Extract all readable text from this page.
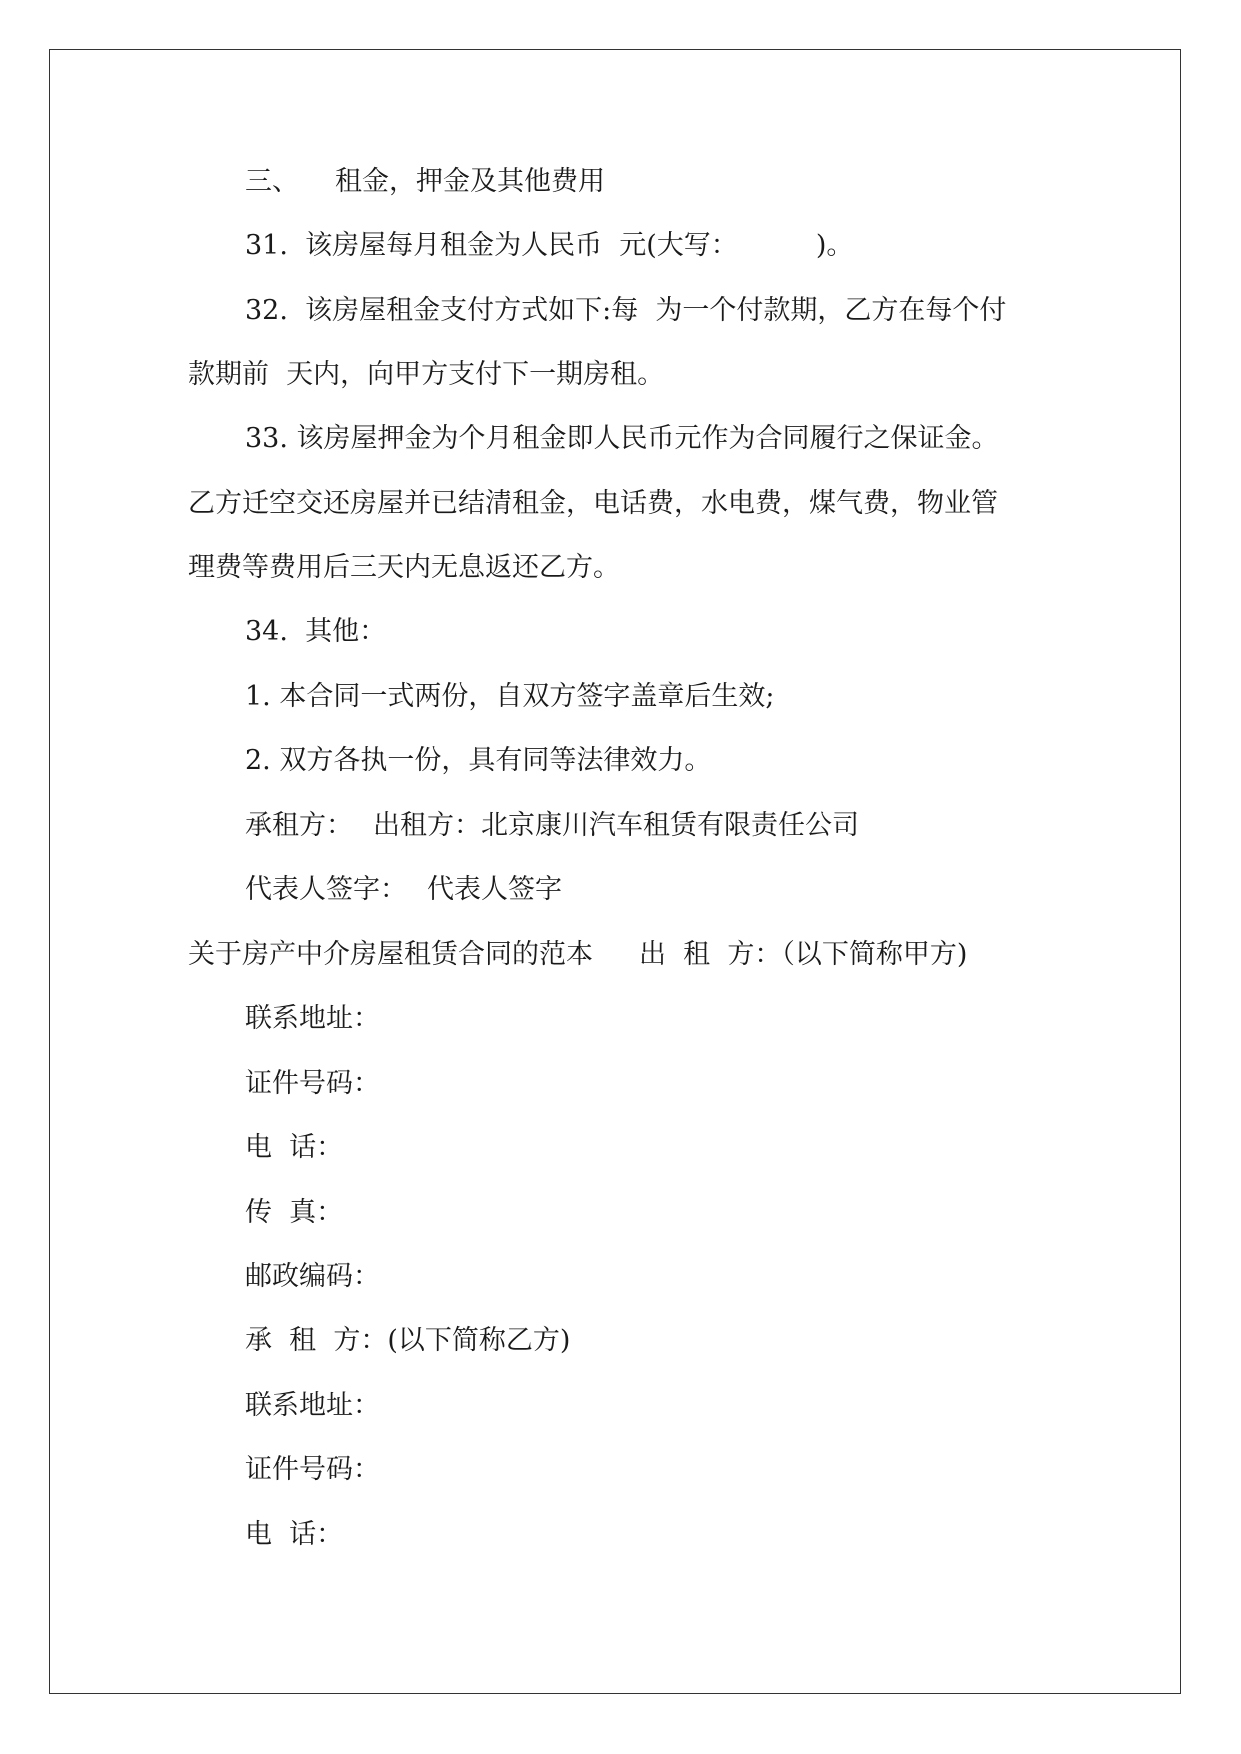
三、 租金，押金及其他费用
31.  该房屋每月租金为人民币  元(大写：	)。
32.  该房屋租金支付方式如下:每  为一个付款期，乙方在每个付
款期前  天内，向甲方支付下一期房租。
33. 该房屋押金为个月租金即人民币元作为合同履行之保证金。
乙方迁空交还房屋并已结清租金，电话费，水电费，煤气费，物业管
理费等费用后三天内无息返还乙方。
34.  其他：
1. 本合同一式两份，自双方签字盖章后生效;
2. 双方各执一份，具有同等法律效力。
承租方： 出租方：北京康川汽车租赁有限责任公司
代表人签字： 代表人签字
关于房产中介房屋租赁合同的范本 出  租  方：（以下简称甲方)
联系地址：
证件号码：
电  话：
传  真：
邮政编码：
承  租  方：(以下简称乙方)
联系地址：
证件号码：
电  话：
